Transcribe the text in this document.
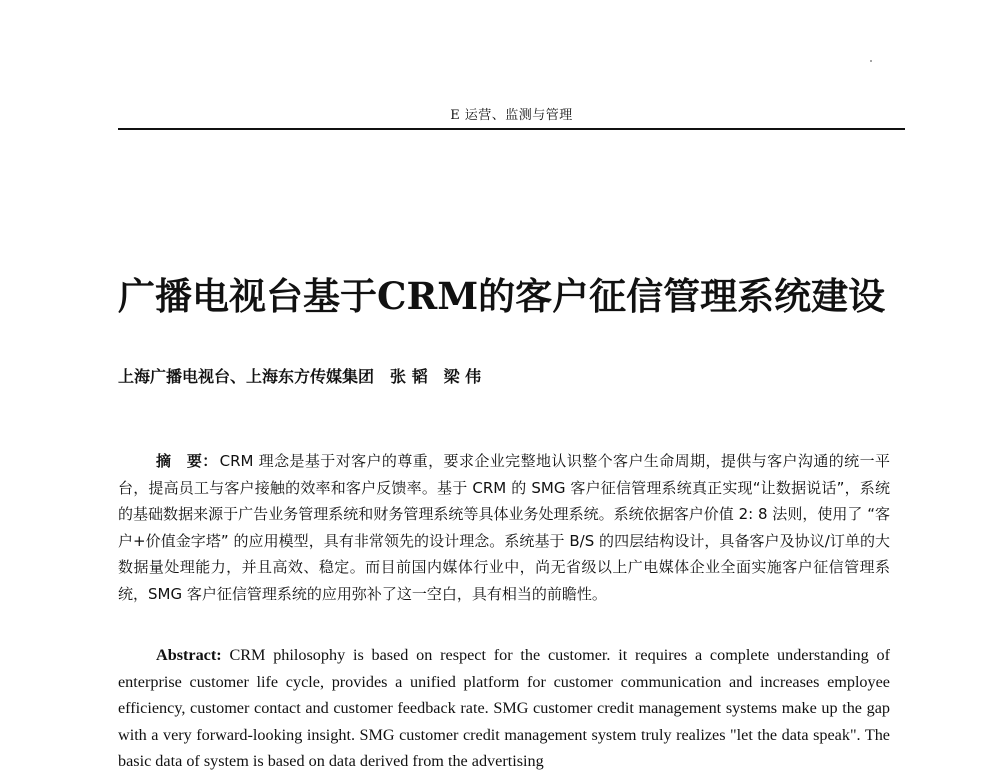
E 运营、监测与管理
广播电视台基于CRM的客户征信管理系统建设
上海广播电视台、上海东方传媒集团 张 韬 梁 伟

摘　要： CRM 理念是基于对客户的尊重，要求企业完整地认识整个客户生命周期，提供与客户沟通的统一平台，提高员工与客户接触的效率和客户反馈率。基于 CRM 的 SMG 客户征信管理系统真正实现“让数据说话”，系统的基础数据来源于广告业务管理系统和财务管理系统等具体业务处理系统。系统依据客户价值 2: 8 法则，使用了 “客户+价值金字塔” 的应用模型，具有非常领先的设计理念。系统基于 B/S 的四层结构设计，具备客户及协议/订单的大数据量处理能力，并且高效、稳定。而目前国内媒体行业中，尚无省级以上广电媒体企业全面实施客户征信管理系统，SMG 客户征信管理系统的应用弥补了这一空白，具有相当的前瞻性。

Abstract: CRM philosophy is based on respect for the customer. it requires a complete understanding of enterprise customer life cycle, provides a unified platform for customer communication and increases employee efficiency, customer contact and customer feedback rate. SMG customer credit management systems make up the gap with a very forward-looking insight. SMG customer credit management system truly realizes "let the data speak". The basic data of system is based on data derived from the advertising
